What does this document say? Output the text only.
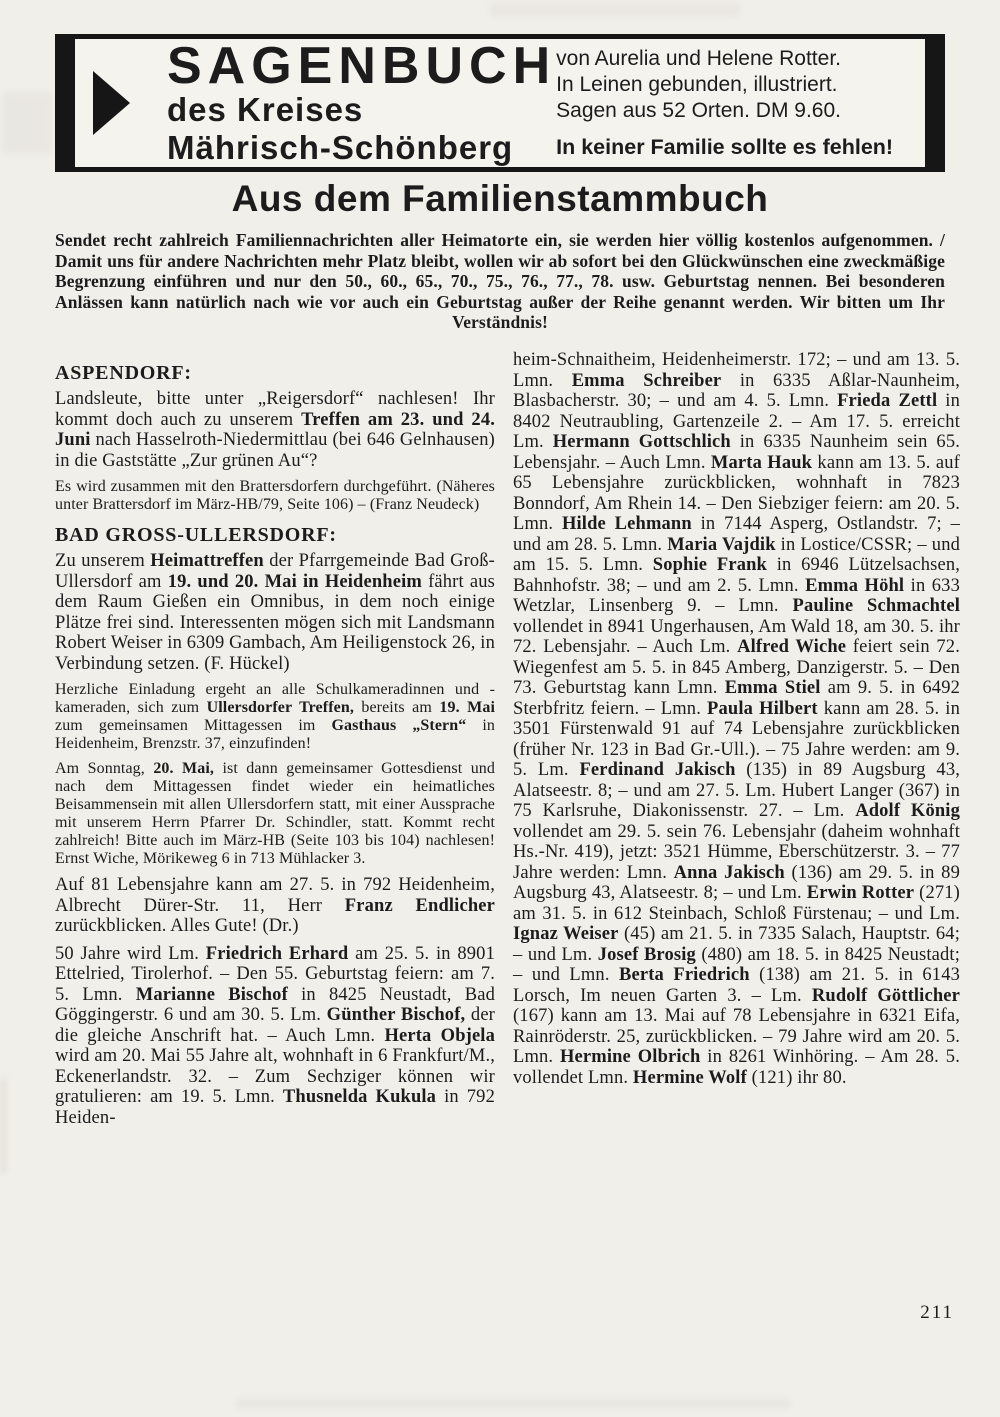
SAGENBUCH
des Kreises
Mährisch-Schönberg
von Aurelia und Helene Rotter.
In Leinen gebunden, illustriert.
Sagen aus 52 Orten. DM 9.60.
In keiner Familie sollte es fehlen!
Aus dem Familienstammbuch

Sendet recht zahlreich Familiennachrichten aller Heimatorte ein, sie werden hier völlig kostenlos aufgenommen. / Damit uns für andere Nachrichten mehr Platz bleibt, wollen wir ab sofort bei den Glückwünschen eine zweckmäßige Begrenzung einführen und nur den 50., 60., 65., 70., 75., 76., 77., 78. usw. Geburtstag nennen. Bei besonderen Anlässen kann natürlich nach wie vor auch ein Geburtstag außer der Reihe genannt werden. Wir bitten um Ihr Verständnis!

ASPENDORF:

Landsleute, bitte unter „Reigersdorf“ nachlesen! Ihr kommt doch auch zu unserem Treffen am 23. und 24. Juni nach Hasselroth-Niedermittlau (bei 646 Gelnhausen) in die Gaststätte „Zur grünen Au“?

Es wird zusammen mit den Brattersdorfern durchgeführt. (Näheres unter Brattersdorf im März-HB/79, Seite 106) – (Franz Neudeck)

BAD GROSS-ULLERSDORF:

Zu unserem Heimattreffen der Pfarrgemeinde Bad Groß-Ullersdorf am 19. und 20. Mai in Heidenheim fährt aus dem Raum Gießen ein Omnibus, in dem noch einige Plätze frei sind. Interessenten mögen sich mit Landsmann Robert Weiser in 6309 Gambach, Am Heiligenstock 26, in Verbindung setzen. (F. Hückel)

Herzliche Einladung ergeht an alle Schulkameradinnen und -kameraden, sich zum Ullersdorfer Treffen, bereits am 19. Mai zum gemeinsamen Mittagessen im Gasthaus „Stern“ in Heidenheim, Brenzstr. 37, einzufinden!

Am Sonntag, 20. Mai, ist dann gemeinsamer Gottesdienst und nach dem Mittagessen findet wieder ein heimatliches Beisammensein mit allen Ullersdorfern statt, mit einer Aussprache mit unserem Herrn Pfarrer Dr. Schindler, statt. Kommt recht zahlreich! Bitte auch im März-HB (Seite 103 bis 104) nachlesen! Ernst Wiche, Mörikeweg 6 in 713 Mühlacker 3.

Auf 81 Lebensjahre kann am 27. 5. in 792 Heidenheim, Albrecht Dürer-Str. 11, Herr Franz Endlicher zurückblicken. Alles Gute! (Dr.)

50 Jahre wird Lm. Friedrich Erhard am 25. 5. in 8901 Ettelried, Tirolerhof. – Den 55. Geburtstag feiern: am 7. 5. Lmn. Marianne Bischof in 8425 Neustadt, Bad Göggingerstr. 6 und am 30. 5. Lm. Günther Bischof, der die gleiche Anschrift hat. – Auch Lmn. Herta Objela wird am 20. Mai 55 Jahre alt, wohnhaft in 6 Frankfurt/M., Eckenerlandstr. 32. – Zum Sechziger können wir gratulieren: am 19. 5. Lmn. Thusnelda Kukula in 792 Heiden-

heim-Schnaitheim, Heidenheimerstr. 172; – und am 13. 5. Lmn. Emma Schreiber in 6335 Aßlar-Naunheim, Blasbacherstr. 30; – und am 4. 5. Lmn. Frieda Zettl in 8402 Neutraubling, Gartenzeile 2. – Am 17. 5. erreicht Lm. Hermann Gottschlich in 6335 Naunheim sein 65. Lebensjahr. – Auch Lmn. Marta Hauk kann am 13. 5. auf 65 Lebensjahre zurückblicken, wohnhaft in 7823 Bonndorf, Am Rhein 14. – Den Siebziger feiern: am 20. 5. Lmn. Hilde Lehmann in 7144 Asperg, Ostlandstr. 7; – und am 28. 5. Lmn. Maria Vajdik in Lostice/CSSR; – und am 15. 5. Lmn. Sophie Frank in 6946 Lützelsachsen, Bahnhofstr. 38; – und am 2. 5. Lmn. Emma Höhl in 633 Wetzlar, Linsenberg 9. – Lmn. Pauline Schmachtel vollendet in 8941 Ungerhausen, Am Wald 18, am 30. 5. ihr 72. Lebensjahr. – Auch Lm. Alfred Wiche feiert sein 72. Wiegenfest am 5. 5. in 845 Amberg, Danzigerstr. 5. – Den 73. Geburtstag kann Lmn. Emma Stiel am 9. 5. in 6492 Sterbfritz feiern. – Lmn. Paula Hilbert kann am 28. 5. in 3501 Fürstenwald 91 auf 74 Lebensjahre zurückblicken (früher Nr. 123 in Bad Gr.-Ull.). – 75 Jahre werden: am 9. 5. Lm. Ferdinand Jakisch (135) in 89 Augsburg 43, Alatseestr. 8; – und am 27. 5. Lm. Hubert Langer (367) in 75 Karlsruhe, Diakonissenstr. 27. – Lm. Adolf König vollendet am 29. 5. sein 76. Lebensjahr (daheim wohnhaft Hs.-Nr. 419), jetzt: 3521 Hümme, Eberschützerstr. 3. – 77 Jahre werden: Lmn. Anna Jakisch (136) am 29. 5. in 89 Augsburg 43, Alatseestr. 8; – und Lm. Erwin Rotter (271) am 31. 5. in 612 Steinbach, Schloß Fürstenau; – und Lm. Ignaz Weiser (45) am 21. 5. in 7335 Salach, Hauptstr. 64; – und Lm. Josef Brosig (480) am 18. 5. in 8425 Neustadt; – und Lmn. Berta Friedrich (138) am 21. 5. in 6143 Lorsch, Im neuen Garten 3. – Lm. Rudolf Göttlicher (167) kann am 13. Mai auf 78 Lebensjahre in 6321 Eifa, Rainröderstr. 25, zurückblicken. – 79 Jahre wird am 20. 5. Lmn. Hermine Olbrich in 8261 Winhöring. – Am 28. 5. vollendet Lmn. Hermine Wolf (121) ihr 80.

211
